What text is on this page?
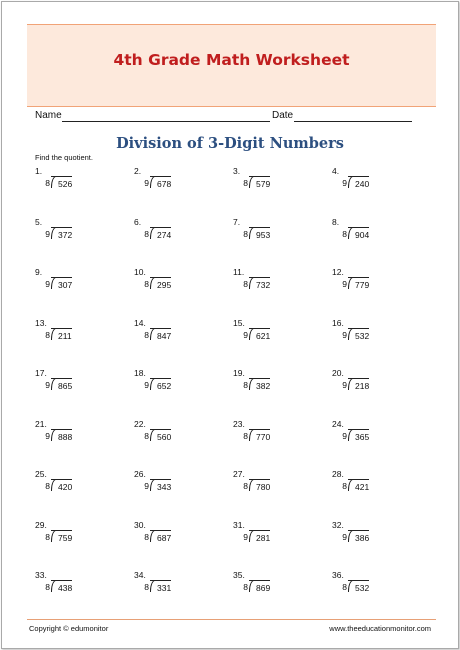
4th Grade Math Worksheet
Name	Date
Division of 3-Digit Numbers
Find the quotient.
1.
8 526
2.
9 678
3.
8 579
4.
9 240
5.
9 372
6.
8 274
7.
8 953
8.
8 904
9.
9 307
10.
8 295
11.
8 732
12.
9 779
13.
8 211
14.
8 847
15.
9 621
16.
9 532
17.
9 865
18.
9 652
19.
8 382
20.
9 218
21.
9 888
22.
8 560
23.
8 770
24.
9 365
25.
8 420
26.
9 343
27.
8 780
28.
8 421
29.
8 759
30.
8 687
31.
9 281
32.
9 386
33.
8 438
34.
8 331
35.
8 869
36.
8 532
Copyright © edumonitor	www.theeducationmonitor.com
